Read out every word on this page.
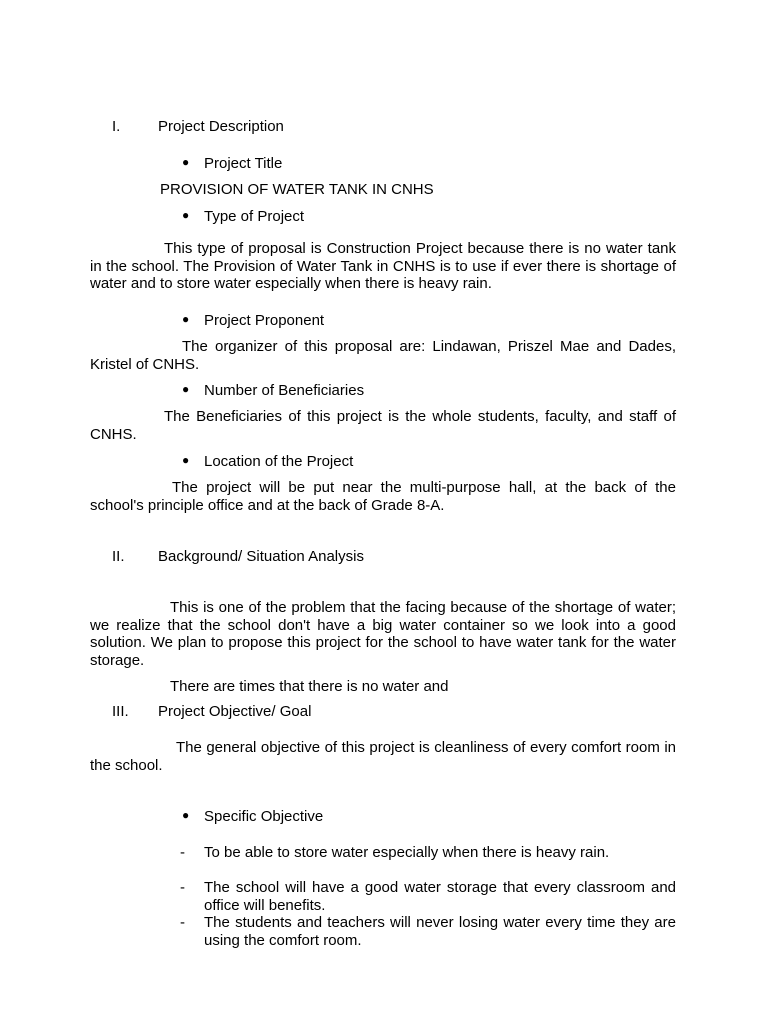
I.	Project Description
● Project Title
PROVISION OF WATER TANK IN CNHS
● Type of Project
This type of proposal is Construction Project because there is no water tank in the school. The Provision of Water Tank in CNHS is to use if ever there is shortage of water and to store water especially when there is heavy rain.
● Project Proponent
The organizer of this proposal are: Lindawan, Priszel Mae and Dades, Kristel of CNHS.
● Number of Beneficiaries
The Beneficiaries of this project is the whole students, faculty, and staff of CNHS.
● Location of the Project
The project will be put near the multi-purpose hall, at the back of the school's principle office and at the back of Grade 8-A.
II. Background/ Situation Analysis
This is one of the problem that the facing because of the shortage of water; we realize that the school don't have a big water container so we look into a good solution. We plan to propose this project for the school to have water tank for the water storage.
There are times that there is no water and
III. Project Objective/ Goal
The general objective of this project is cleanliness of every comfort room in the school.
● Specific Objective
- To be able to store water especially when there is heavy rain.
- The school will have a good water storage that every classroom and office will benefits.
- The students and teachers will never losing water every time they are using the comfort room.
